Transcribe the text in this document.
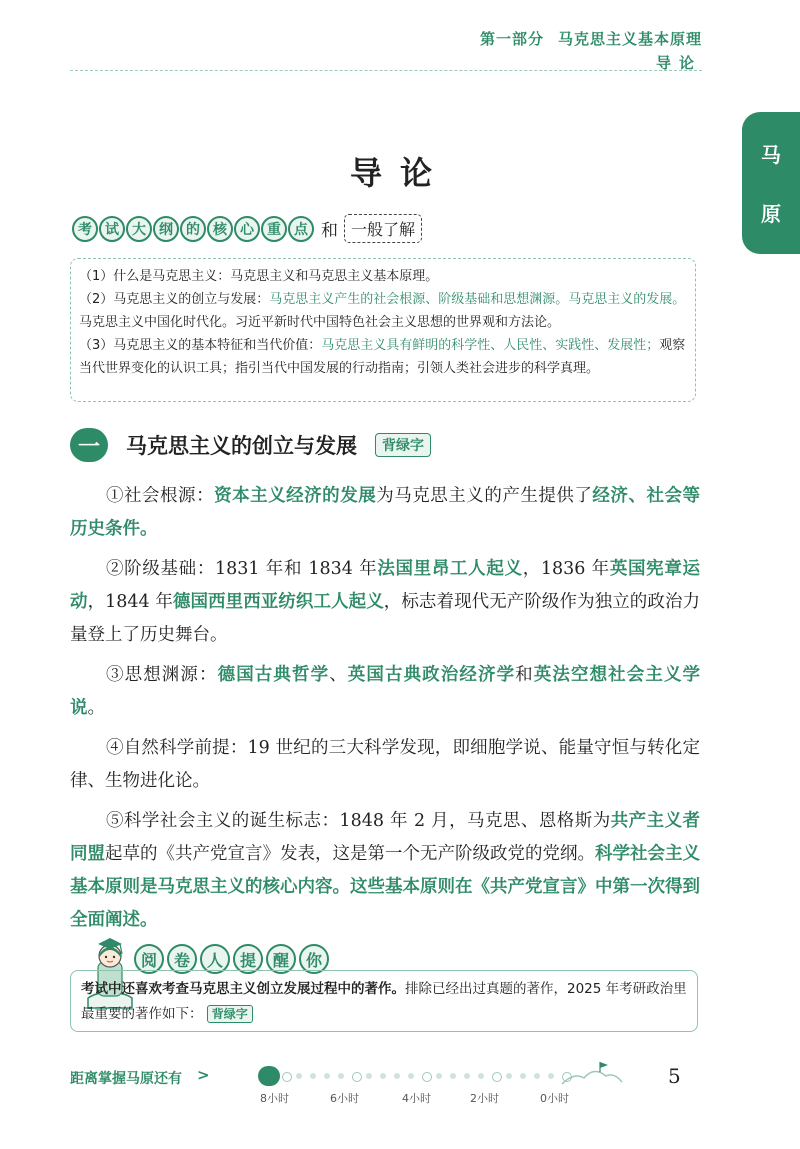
第一部分 马克思主义基本原理
导论
马
原
导论
考 试 大 纲 的 核 心 重 点 和 一般了解
（1）什么是马克思主义：马克思主义和马克思主义基本原理。
（2）马克思主义的创立与发展：马克思主义产生的社会根源、阶级基础和思想渊源。马克思主义的发展。马克思主义中国化时代化。习近平新时代中国特色社会主义思想的世界观和方法论。
（3）马克思主义的基本特征和当代价值：马克思主义具有鲜明的科学性、人民性、实践性、发展性；观察当代世界变化的认识工具；指引当代中国发展的行动指南；引领人类社会进步的科学真理。
一	马克思主义的创立与发展	背绿字

①社会根源：资本主义经济的发展为马克思主义的产生提供了经济、社会等历史条件。

②阶级基础：1831 年和 1834 年法国里昂工人起义，1836 年英国宪章运动，1844 年德国西里西亚纺织工人起义，标志着现代无产阶级作为独立的政治力量登上了历史舞台。

③思想渊源：德国古典哲学、英国古典政治经济学和英法空想社会主义学说。

④自然科学前提：19 世纪的三大科学发现，即细胞学说、能量守恒与转化定律、生物进化论。

⑤科学社会主义的诞生标志：1848 年 2 月，马克思、恩格斯为共产主义者同盟起草的《共产党宣言》发表，这是第一个无产阶级政党的党纲。科学社会主义基本原则是马克思主义的核心内容。这些基本原则在《共产党宣言》中第一次得到全面阐述。

阅	卷	人	提	醒	你
考试中还喜欢考查马克思主义创立发展过程中的著作。排除已经出过真题的著作，2025 年考研政治里最重要的著作如下： 背绿字
距离掌握马原还有 >
8小时	6小时	4小时	2小时	0小时
5
